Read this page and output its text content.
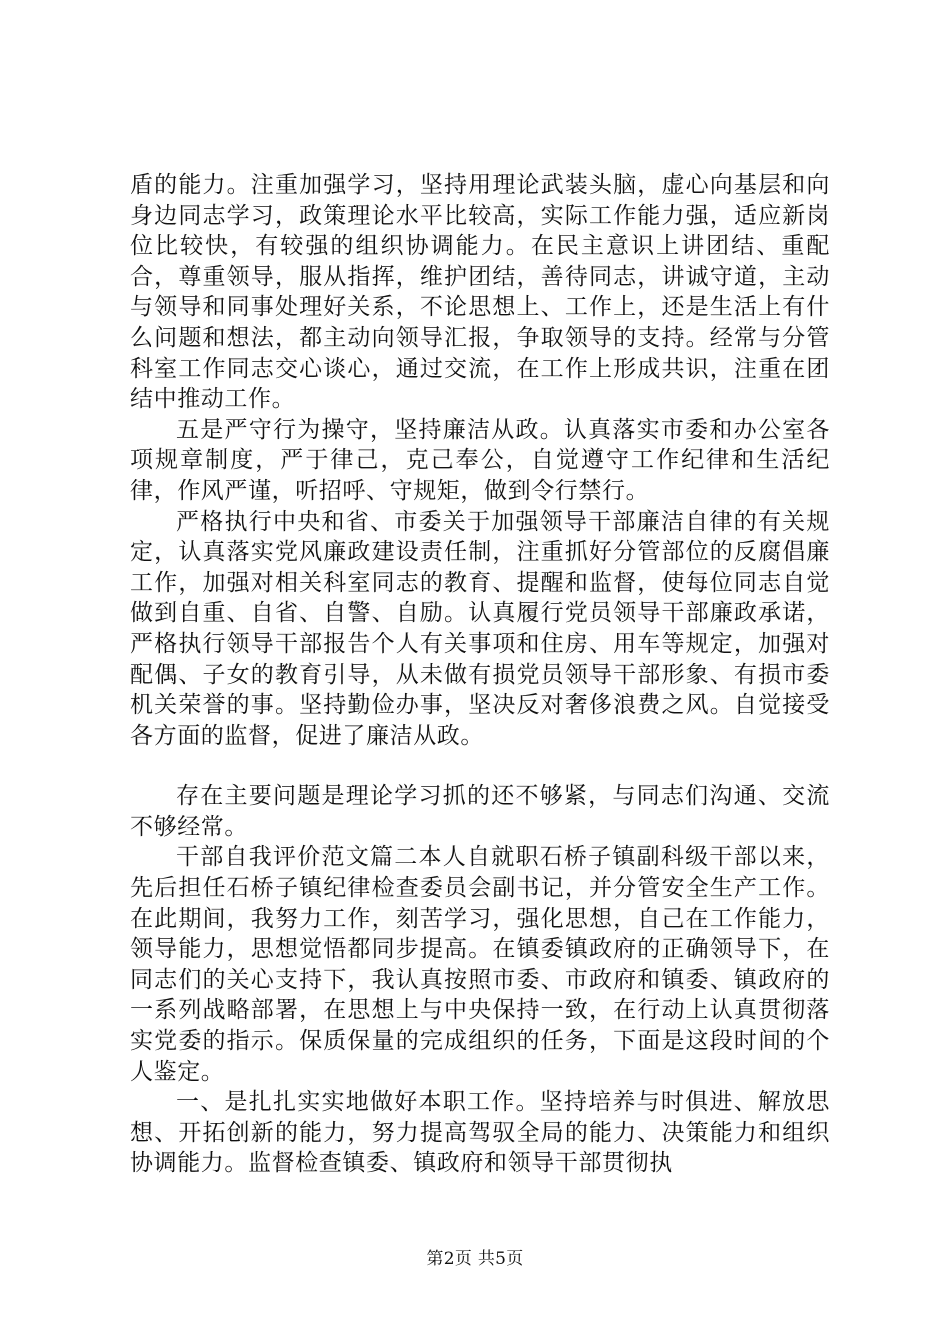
盾的能力。注重加强学习，坚持用理论武装头脑，虚心向基层和向身边同志学习，政策理论水平比较高，实际工作能力强，适应新岗位比较快，有较强的组织协调能力。在民主意识上讲团结、重配合，尊重领导，服从指挥，维护团结，善待同志，讲诚守道，主动与领导和同事处理好关系，不论思想上、工作上，还是生活上有什么问题和想法，都主动向领导汇报，争取领导的支持。经常与分管科室工作同志交心谈心，通过交流，在工作上形成共识，注重在团结中推动工作。

五是严守行为操守，坚持廉洁从政。认真落实市委和办公室各项规章制度，严于律己，克己奉公，自觉遵守工作纪律和生活纪律，作风严谨，听招呼、守规矩，做到令行禁行。

严格执行中央和省、市委关于加强领导干部廉洁自律的有关规定，认真落实党风廉政建设责任制，注重抓好分管部位的反腐倡廉工作，加强对相关科室同志的教育、提醒和监督，使每位同志自觉做到自重、自省、自警、自励。认真履行党员领导干部廉政承诺，严格执行领导干部报告个人有关事项和住房、用车等规定，加强对配偶、子女的教育引导，从未做有损党员领导干部形象、有损市委机关荣誉的事。坚持勤俭办事，坚决反对奢侈浪费之风。自觉接受各方面的监督，促进了廉洁从政。

存在主要问题是理论学习抓的还不够紧，与同志们沟通、交流不够经常。

干部自我评价范文篇二本人自就职石桥子镇副科级干部以来，先后担任石桥子镇纪律检查委员会副书记，并分管安全生产工作。在此期间，我努力工作，刻苦学习，强化思想，自己在工作能力，领导能力，思想觉悟都同步提高。在镇委镇政府的正确领导下，在同志们的关心支持下，我认真按照市委、市政府和镇委、镇政府的一系列战略部署，在思想上与中央保持一致，在行动上认真贯彻落实党委的指示。保质保量的完成组织的任务，下面是这段时间的个人鉴定。

一、是扎扎实实地做好本职工作。坚持培养与时俱进、解放思想、开拓创新的能力，努力提高驾驭全局的能力、决策能力和组织协调能力。监督检查镇委、镇政府和领导干部贯彻执

第2页 共5页
